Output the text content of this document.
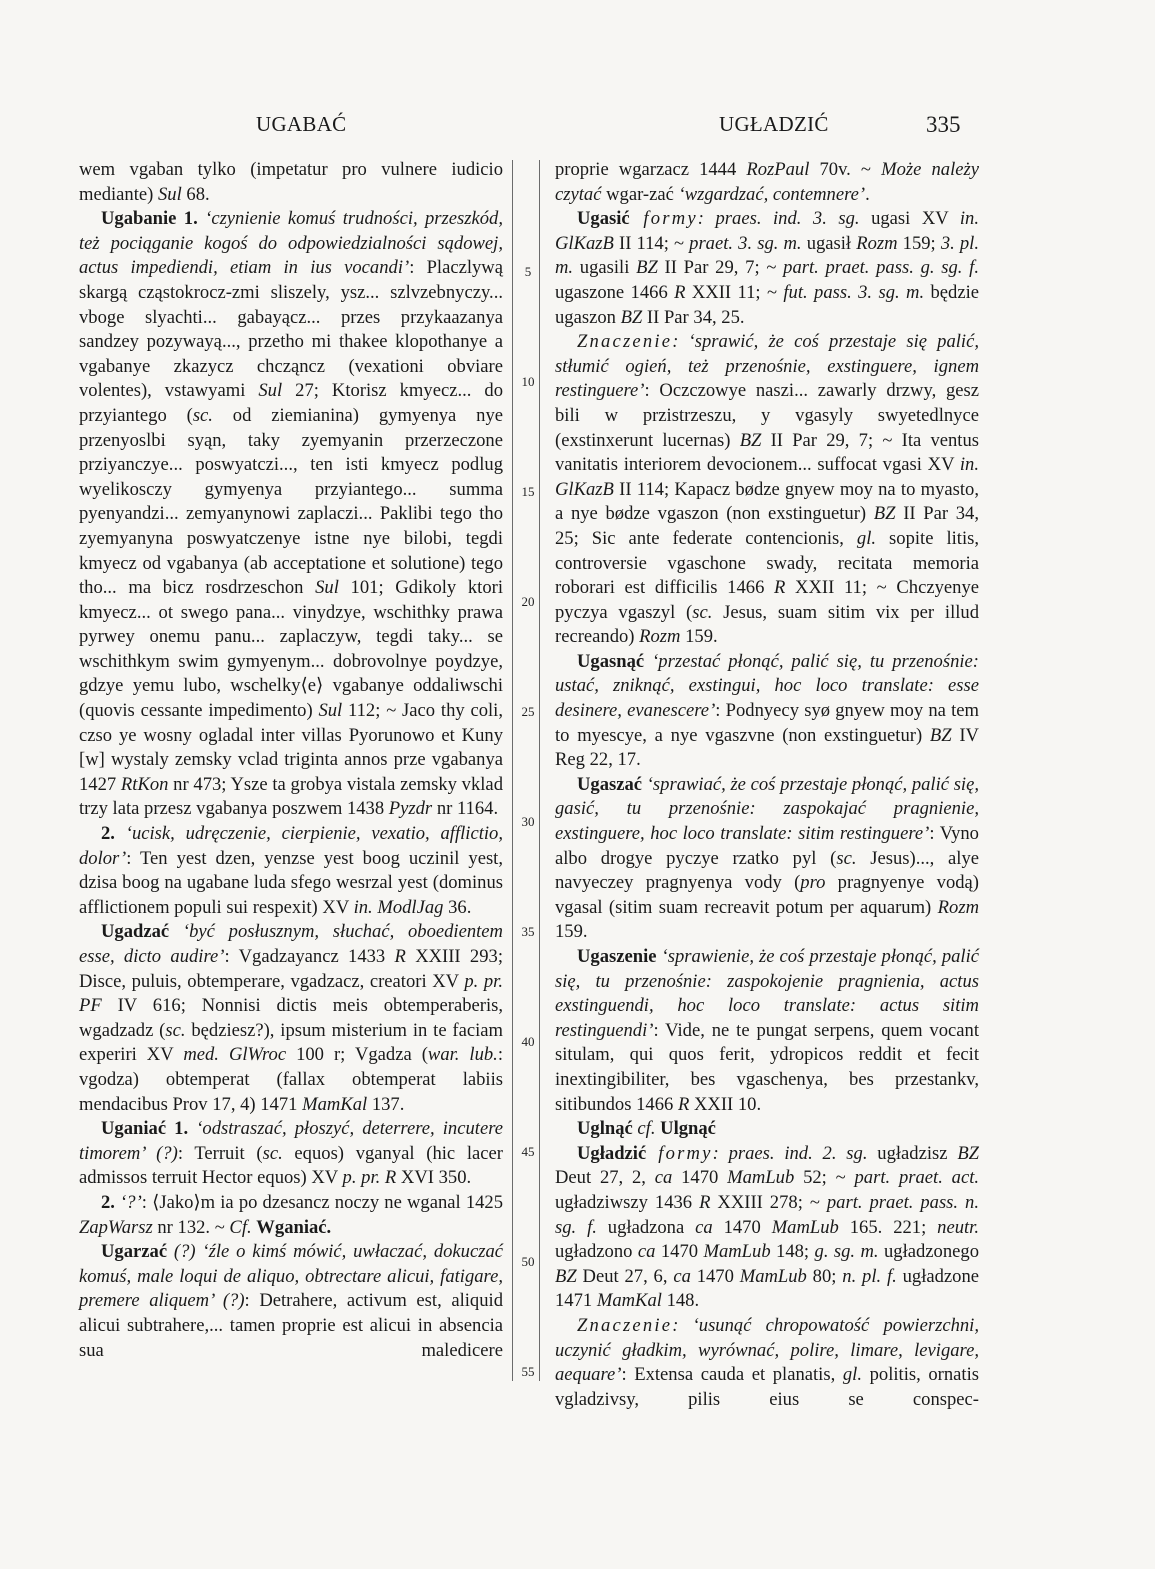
UGABAĆ	UGŁADZIĆ	335
5
10
15
20
25
30
35
40
45
50
55

wem vgaban tylko (impetatur pro vulnere iudicio mediante) Sul 68.

Ugabanie 1. ‘czynienie komuś trudności, przeszkód, też pociąganie kogoś do odpowiedzialności sądowej, actus impediendi, etiam in ius vocandi’: Placzlywą skargą cząstokrocz-zmi sliszely, ysz... szlvzebnyczy... vboge slyachti... gabayącz... przes przykaazanya sandzey pozywayą..., przetho mi thakee klopothanye a vgabanye zkazycz chcząncz (vexationi obviare volentes), vstawyami Sul 27; Ktorisz kmyecz... do przyiantego (sc. od ziemianina) gymyenya nye przenyoslbi syąn, taky zyemyanin przerzeczone prziyanczye... poswyatczi..., ten isti kmyecz podlug wyelikosczy gymyenya przyiantego... summa pyenyandzi... zemyanynowi zaplaczi... Paklibi tego tho zyemyanyna poswyatczenye istne nye bilobi, tegdi kmyecz od vgabanya (ab acceptatione et solutione) tego tho... ma bicz rosdrzeschon Sul 101; Gdikoly ktori kmyecz... ot swego pana... vinydzye, wschithky prawa pyrwey onemu panu... zaplaczyw, tegdi taky... se wschithkym swim gymyenym... dobrovolnye poydzye, gdzye yemu lubo, wschelky⟨e⟩ vgabanye oddaliwschi (quovis cessante impedimento) Sul 112; ~ Jaco thy coli, czso ye wosny ogladal inter villas Pyorunowo et Kuny [w] wystaly zemsky vclad triginta annos prze vgabanya 1427 RtKon nr 473; Ysze ta grobya vistala zemsky vklad trzy lata przesz vgabanya poszwem 1438 Pyzdr nr 1164.

2. ‘ucisk, udręczenie, cierpienie, vexatio, afflictio, dolor’: Ten yest dzen, yenzse yest boog uczinil yest, dzisa boog na ugabane luda sfego wesrzal yest (dominus afflictionem populi sui respexit) XV in. ModlJag 36.

Ugadzać ‘być posłusznym, słuchać, oboedientem esse, dicto audire’: Vgadzayancz 1433 R XXIII 293; Disce, puluis, obtemperare, vgadzacz, creatori XV p. pr. PF IV 616; Nonnisi dictis meis obtemperaberis, wgadzadz (sc. będziesz?), ipsum misterium in te faciam experiri XV med. GlWroc 100 r; Vgadza (war. lub.: vgodza) obtemperat (fallax obtemperat labiis mendacibus Prov 17, 4) 1471 MamKal 137.

Uganiać 1. ‘odstraszać, płoszyć, deterrere, incutere timorem’ (?): Terruit (sc. equos) vganyal (hic lacer admissos terruit Hector equos) XV p. pr. R XVI 350.

2. ‘?’: ⟨Jako⟩m ia po dzesancz noczy ne wganal 1425 ZapWarsz nr 132. ~ Cf. Wganiać.

Ugarzać (?) ‘źle o kimś mówić, uwłaczać, dokuczać komuś, male loqui de aliquo, obtrectare alicui, fatigare, premere aliquem’ (?): Detrahere, activum est, aliquid alicui subtrahere,... tamen proprie est alicui in absencia sua maledicere

proprie wgarzacz 1444 RozPaul 70v. ~ Może należy czytać wgar-zać ‘wzgardzać, contemnere’.

Ugasić formy: praes. ind. 3. sg. ugasi XV in. GlKazB II 114; ~ praet. 3. sg. m. ugasił Rozm 159; 3. pl. m. ugasili BZ II Par 29, 7; ~ part. praet. pass. g. sg. f. ugaszone 1466 R XXII 11; ~ fut. pass. 3. sg. m. będzie ugaszon BZ II Par 34, 25.

Znaczenie: ‘sprawić, że coś przestaje się palić, stłumić ogień, też przenośnie, exstinguere, ignem restinguere’: Oczczowye naszi... zawarly drzwy, gesz bili w przistrzeszu, y vgasyly swyetedlnyce (exstinxerunt lucernas) BZ II Par 29, 7; ~ Ita ventus vanitatis interiorem devocionem... suffocat vgasi XV in. GlKazB II 114; Kapacz bødze gnyew moy na to myasto, a nye bødze vgaszon (non exstinguetur) BZ II Par 34, 25; Sic ante federate contencionis, gl. sopite litis, controversie vgaschone swady, recitata memoria roborari est difficilis 1466 R XXII 11; ~ Chczyenye pyczya vgaszyl (sc. Jesus, suam sitim vix per illud recreando) Rozm 159.

Ugasnąć ‘przestać płonąć, palić się, tu przenośnie: ustać, zniknąć, exstingui, hoc loco translate: esse desinere, evanescere’: Podnyecy syø gnyew moy na tem to myescye, a nye vgaszvne (non exstinguetur) BZ IV Reg 22, 17.

Ugaszać ‘sprawiać, że coś przestaje płonąć, palić się, gasić, tu przenośnie: zaspokajać pragnienie, exstinguere, hoc loco translate: sitim restinguere’: Vyno albo drogye pyczye rzatko pyl (sc. Jesus)..., alye navyeczey pragnyenya vody (pro pragnyenye vodą) vgasal (sitim suam recreavit potum per aquarum) Rozm 159.

Ugaszenie ‘sprawienie, że coś przestaje płonąć, palić się, tu przenośnie: zaspokojenie pragnienia, actus exstinguendi, hoc loco translate: actus sitim restinguendi’: Vide, ne te pungat serpens, quem vocant situlam, qui quos ferit, ydropicos reddit et fecit inextingibiliter, bes vgaschenya, bes przestankv, sitibundos 1466 R XXII 10.

Uglnąć cf. Ulgnąć

Ugładzić formy: praes. ind. 2. sg. ugładzisz BZ Deut 27, 2, ca 1470 MamLub 52; ~ part. praet. act. ugładziwszy 1436 R XXIII 278; ~ part. praet. pass. n. sg. f. ugładzona ca 1470 MamLub 165. 221; neutr. ugładzono ca 1470 MamLub 148; g. sg. m. ugładzonego BZ Deut 27, 6, ca 1470 MamLub 80; n. pl. f. ugładzone 1471 MamKal 148.

Znaczenie: ‘usunąć chropowatość powierzchni, uczynić gładkim, wyrównać, polire, limare, levigare, aequare’: Extensa cauda et planatis, gl. politis, ornatis vgladzivsy, pilis eius se conspec-
